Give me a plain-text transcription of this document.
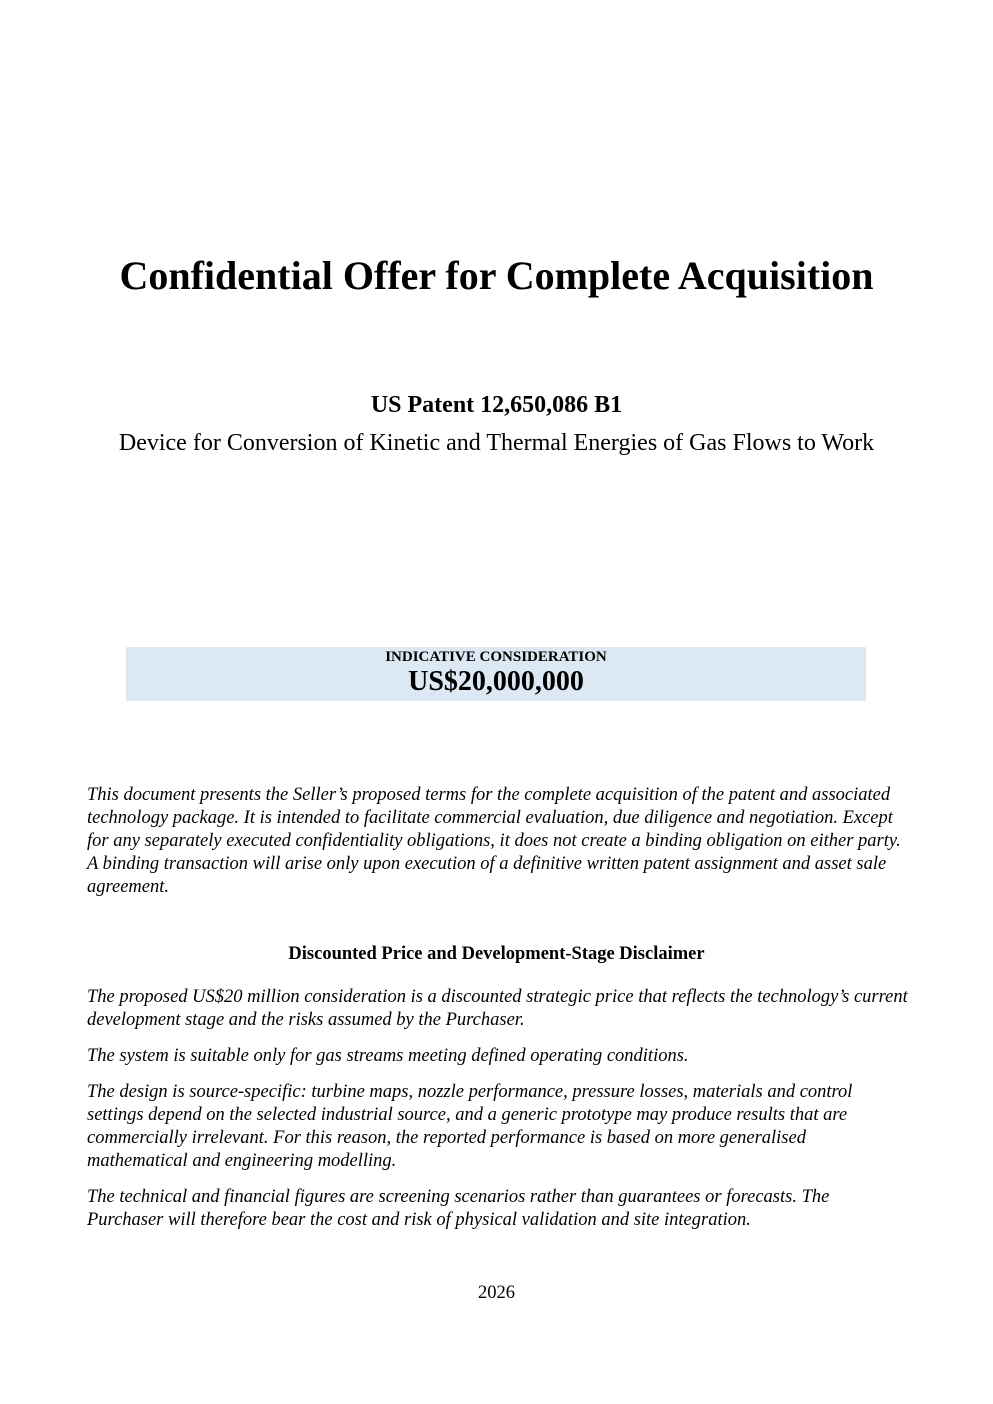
Confidential Offer for Complete Acquisition
US Patent 12,650,086 B1
Device for Conversion of Kinetic and Thermal Energies of Gas Flows to Work
INDICATIVE CONSIDERATION
US$20,000,000
This document presents the Seller’s proposed terms for the complete acquisition of the patent and associated technology package. It is intended to facilitate commercial evaluation, due diligence and negotiation. Except for any separately executed confidentiality obligations, it does not create a binding obligation on either party. A binding transaction will arise only upon execution of a definitive written patent assignment and asset sale agreement.
Discounted Price and Development-Stage Disclaimer

The proposed US$20 million consideration is a discounted strategic price that reflects the technology’s current development stage and the risks assumed by the Purchaser.

The system is suitable only for gas streams meeting defined operating conditions.

The design is source-specific: turbine maps, nozzle performance, pressure losses, materials and control settings depend on the selected industrial source, and a generic prototype may produce results that are commercially irrelevant. For this reason, the reported performance is based on more generalised mathematical and engineering modelling.

The technical and financial figures are screening scenarios rather than guarantees or forecasts. The Purchaser will therefore bear the cost and risk of physical validation and site integration.

2026
